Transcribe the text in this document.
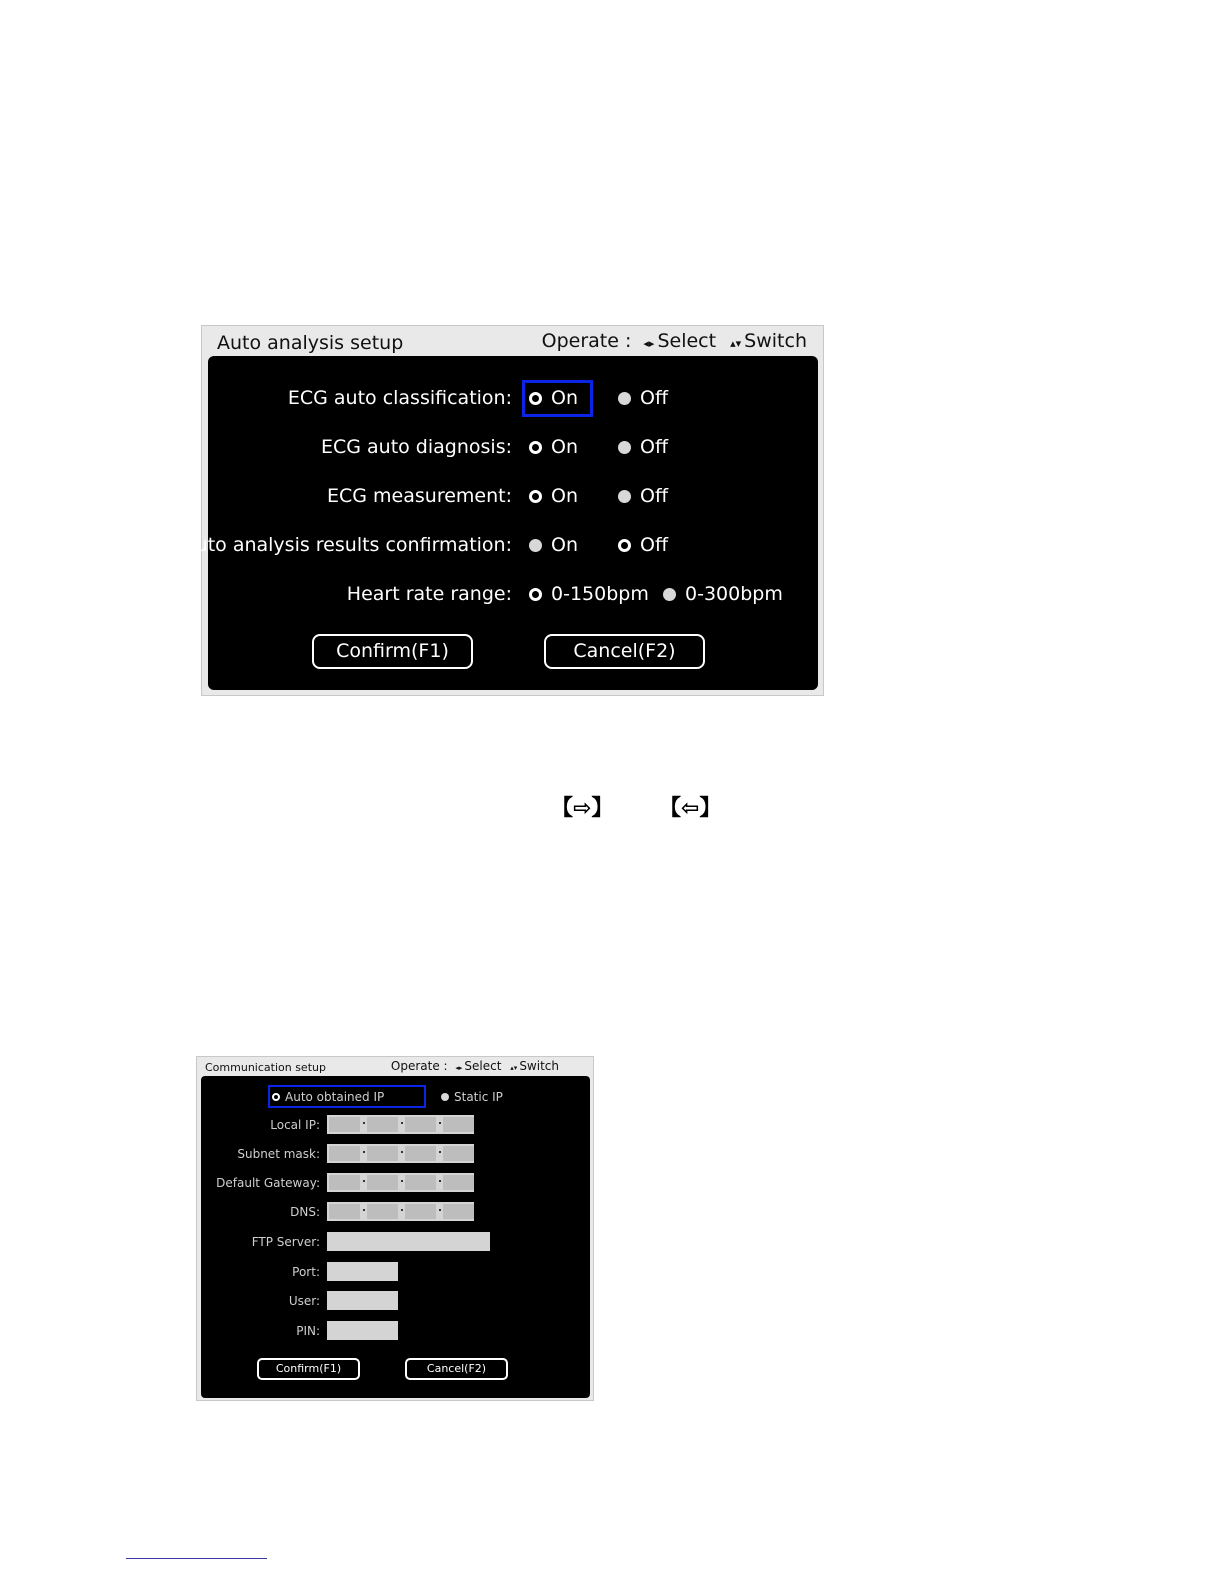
Auto analysis setup	Operate : ◂▸ Select ▴▾ Switch
ECG auto classification: On	Off
ECG auto diagnosis: On	Off
ECG measurement: On	Off
Auto analysis results confirmation: On	Off
Heart rate range: 0-150bpm 0-300bpm
Confirm(F1)	Cancel(F2)
【⇨】 【⇦】
Communication setup	Operate : ◂▸ Select ▴▾ Switch
Auto obtained IP	Static IP
Local IP:
Subnet mask:
Default Gateway:
DNS:
FTP Server:
Port:
User:
PIN:
Confirm(F1)	Cancel(F2)
